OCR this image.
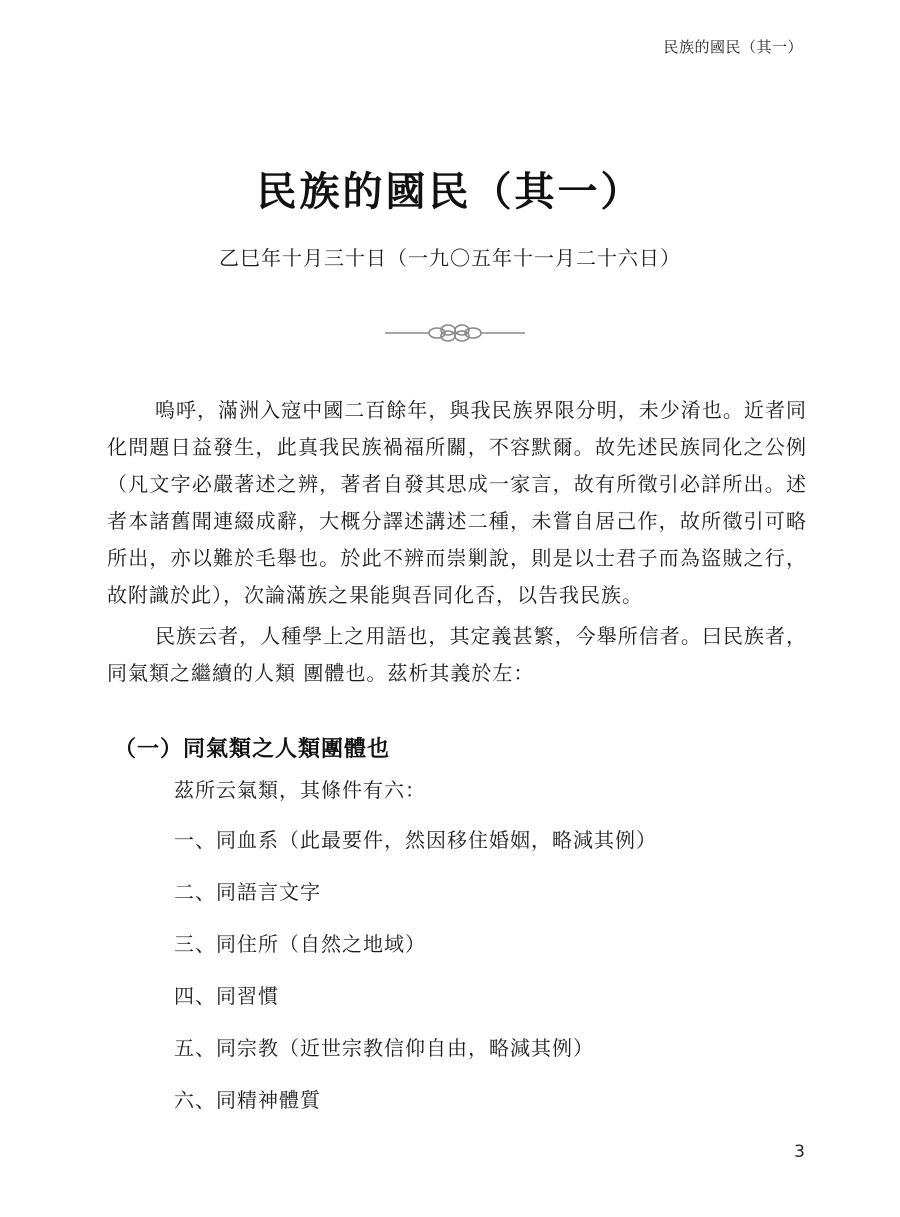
民族的國民（其一）
民族的國民（其一）
乙巳年十月三十日（一九〇五年十一月二十六日）

嗚呼，滿洲入寇中國二百餘年，與我民族界限分明，未少淆也。近者同化問題日益發生，此真我民族禍福所關，不容默爾。故先述民族同化之公例（凡文字必嚴著述之辨，著者自發其思成一家言，故有所徵引必詳所出。述者本諸舊聞連綴成辭，大概分譯述講述二種，未嘗自居己作，故所徵引可略所出，亦以難於毛舉也。於此不辨而崇剿說，則是以士君子而為盜賊之行，故附識於此），次論滿族之果能與吾同化否，以告我民族。

民族云者，人種學上之用語也，其定義甚繁，今舉所信者。曰民族者，同氣類之繼續的人類 團體也。茲析其義於左：

（一）同氣類之人類團體也
茲所云氣類，其條件有六：
一、同血系（此最要件，然因移住婚姻，略減其例）
二、同語言文字
三、同住所（自然之地域）
四、同習慣
五、同宗教（近世宗教信仰自由，略減其例）
六、同精神體質
3
